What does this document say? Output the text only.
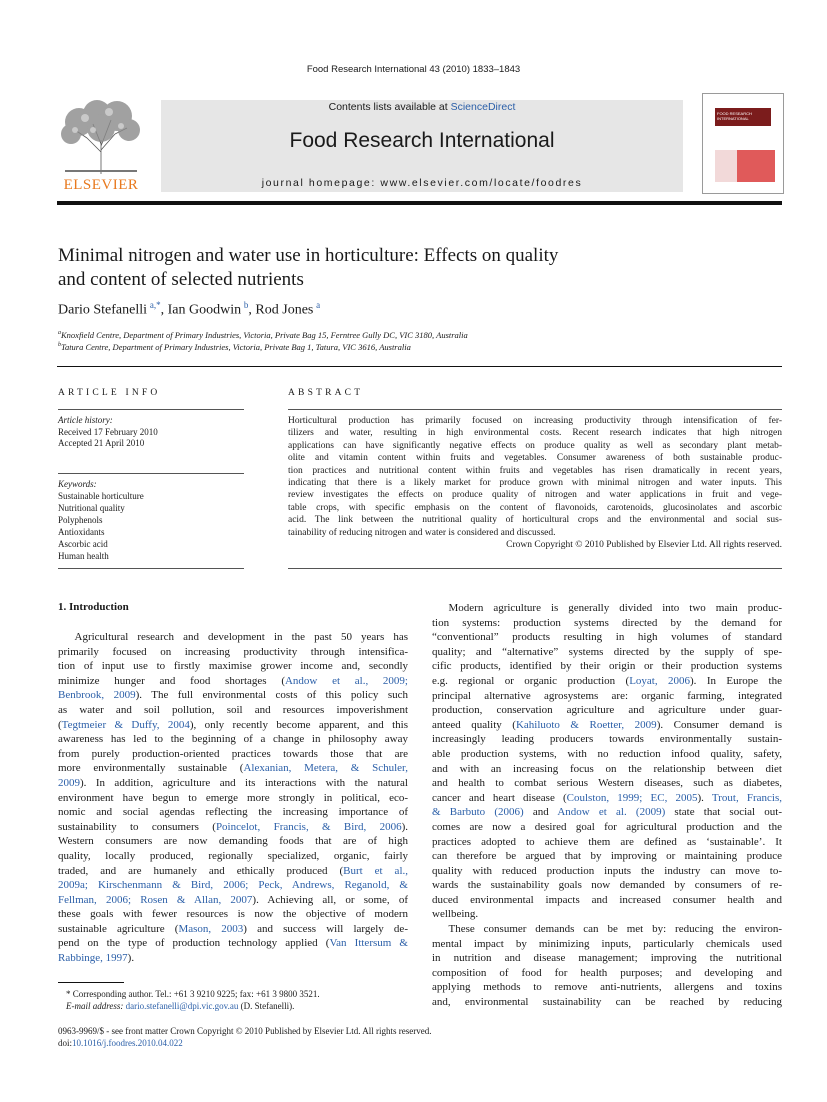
Food Research International 43 (2010) 1833–1843
ELSEVIER
Contents lists available at ScienceDirect
Food Research International
journal homepage: www.elsevier.com/locate/foodres
FOOD RESEARCH INTERNATIONAL
Minimal nitrogen and water use in horticulture: Effects on quality
and content of selected nutrients
Dario Stefanelli  $^{a,*}$, Ian Goodwin  $^b$, Rod Jones  $^a$
$^a$Knoxfield Centre, Department of Primary Industries, Victoria, Private Bag 15, Ferntree Gully DC, VIC 3180, Australia
$^b$Tatura Centre, Department of Primary Industries, Victoria, Private Bag 1, Tatura, VIC 3616, Australia
ARTICLE INFO
Article history:
Received 17 February 2010
Accepted 21 April 2010
Keywords:
Sustainable horticulture
Nutritional quality
Polyphenols
Antioxidants
Ascorbic acid
Human health
ABSTRACT
Horticultural production has primarily focused on increasing productivity through intensification of fer-
tilizers and water, resulting in high environmental costs. Recent research indicates that high nitrogen
applications can have significantly negative effects on produce quality as well as secondary plant metab-
olite and vitamin content within fruits and vegetables. Consumer awareness of both sustainable produc-
tion practices and nutritional content within fruits and vegetables has risen dramatically in recent years,
indicating that there is a likely market for produce grown with minimal nitrogen and water inputs. This
review investigates the effects on produce quality of nitrogen and water applications in fruit and vege-
table crops, with specific emphasis on the content of flavonoids, carotenoids, glucosinolates and ascorbic
acid. The link between the nutritional quality of horticultural crops and the environmental and social sus-
tainability of reducing nitrogen and water is considered and discussed.
Crown Copyright © 2010 Published by Elsevier Ltd. All rights reserved.
1. Introduction
  Agricultural research and development in the past 50 years has
primarily focused on increasing productivity through intensifica-
tion of input use to firstly maximise grower income and, secondly
minimize hunger and food shortages (Andow et al., 2009;
Benbrook, 2009). The full environmental costs of this policy such
as water and soil pollution, soil and resources impoverishment
(Tegtmeier & Duffy, 2004), only recently become apparent, and this
awareness has led to the beginning of a change in philosophy away
from purely production-oriented practices towards those that are
more environmentally sustainable (Alexanian, Metera, & Schuler,
2009). In addition, agriculture and its interactions with the natural
environment have begun to emerge more strongly in political, eco-
nomic and social agendas reflecting the increasing importance of
sustainability to consumers (Poincelot, Francis, & Bird, 2006).
Western consumers are now demanding foods that are of high
quality, locally produced, regionally specialized, organic, fairly
traded, and are humanely and ethically produced (Burt et al.,
2009a; Kirschenmann & Bird, 2006; Peck, Andrews, Reganold, &
Fellman, 2006; Rosen & Allan, 2007). Achieving all, or some, of
these goals with fewer resources is now the objective of modern
sustainable agriculture (Mason, 2003) and success will largely de-
pend on the type of production technology applied (Van Ittersum &
Rabbinge, 1997).
  Modern agriculture is generally divided into two main produc-
tion systems: production systems directed by the demand for
“conventional” products resulting in high volumes of standard
quality; and “alternative” systems directed by the supply of spe-
cific products, identified by their origin or their production systems
e.g. regional or organic production (Loyat, 2006). In Europe the
principal alternative agrosystems are: organic farming, integrated
production, conservation agriculture and agriculture under guar-
anteed quality (Kahiluoto & Roetter, 2009). Consumer demand is
increasingly leading producers towards environmentally sustain-
able production systems, with no reduction infood quality, safety,
and with an increasing focus on the relationship between diet
and health to combat serious Western diseases, such as diabetes,
cancer and heart disease (Coulston, 1999; EC, 2005). Trout, Francis,
& Barbuto (2006) and Andow et al. (2009) state that social out-
comes are now a desired goal for agricultural production and the
practices adopted to achieve them are defined as ‘sustainable’. It
can therefore be argued that by improving or maintaining produce
quality with reduced production inputs the industry can move to-
wards the sustainability goals now demanded by consumers of re-
duced environmental impacts and increased consumer health and
wellbeing.
  These consumer demands can be met by: reducing the environ-
mental impact by minimizing inputs, particularly chemicals used
in nutrition and disease management; improving the nutritional
composition of food for health purposes; and developing and
applying methods to remove anti-nutrients, allergens and toxins
and, environmental sustainability can be reached by reducing
* Corresponding author. Tel.: +61 3 9210 9225; fax: +61 3 9800 3521.
E-mail address: dario.stefanelli@dpi.vic.gov.au (D. Stefanelli).
0963-9969/$ - see front matter Crown Copyright © 2010 Published by Elsevier Ltd. All rights reserved.
doi:10.1016/j.foodres.2010.04.022
